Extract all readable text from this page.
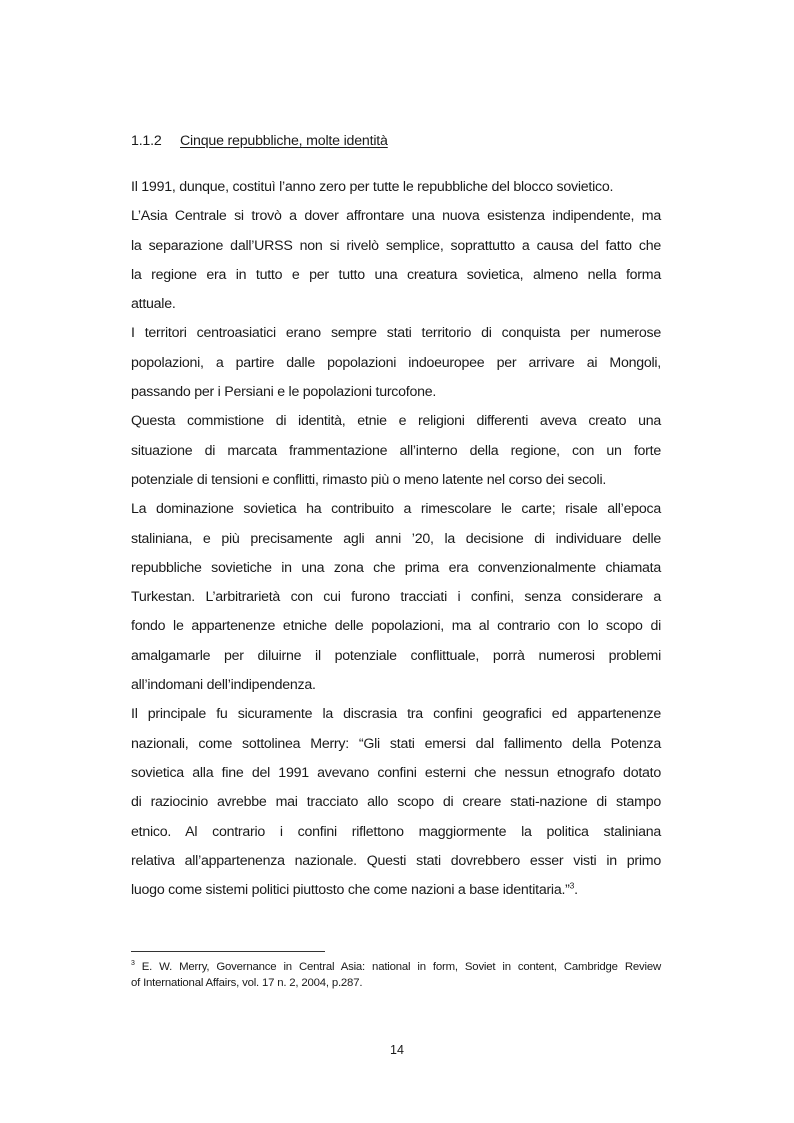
1.1.2 Cinque repubbliche, molte identità
Il 1991, dunque, costituì l’anno zero per tutte le repubbliche del blocco sovietico.
L’Asia Centrale si trovò a dover affrontare una nuova esistenza indipendente, ma
la separazione dall’URSS non si rivelò semplice, soprattutto a causa del fatto che
la regione era in tutto e per tutto una creatura sovietica, almeno nella forma
attuale.
I territori centroasiatici erano sempre stati territorio di conquista per numerose
popolazioni, a partire dalle popolazioni indoeuropee per arrivare ai Mongoli,
passando per i Persiani e le popolazioni turcofone.
Questa commistione di identità, etnie e religioni differenti aveva creato una
situazione di marcata frammentazione all’interno della regione, con un forte
potenziale di tensioni e conflitti, rimasto più o meno latente nel corso dei secoli.
La dominazione sovietica ha contribuito a rimescolare le carte; risale all’epoca
staliniana, e più precisamente agli anni ’20, la decisione di individuare delle
repubbliche sovietiche in una zona che prima era convenzionalmente chiamata
Turkestan. L’arbitrarietà con cui furono tracciati i confini, senza considerare a
fondo le appartenenze etniche delle popolazioni, ma al contrario con lo scopo di
amalgamarle per diluirne il potenziale conflittuale, porrà numerosi problemi
all’indomani dell’indipendenza.
Il principale fu sicuramente la discrasia tra confini geografici ed appartenenze
nazionali, come sottolinea Merry: “Gli stati emersi dal fallimento della Potenza
sovietica alla fine del 1991 avevano confini esterni che nessun etnografo dotato
di raziocinio avrebbe mai tracciato allo scopo di creare stati-nazione di stampo
etnico. Al contrario i confini riflettono maggiormente la politica staliniana
relativa all’appartenenza nazionale. Questi stati dovrebbero esser visti in primo
luogo come sistemi politici piuttosto che come nazioni a base identitaria.”$^3$.
$^3$ E. W. Merry, Governance in Central Asia: national in form, Soviet in content, Cambridge Review
of International Affairs, vol. 17 n. 2, 2004, p.287.
14
